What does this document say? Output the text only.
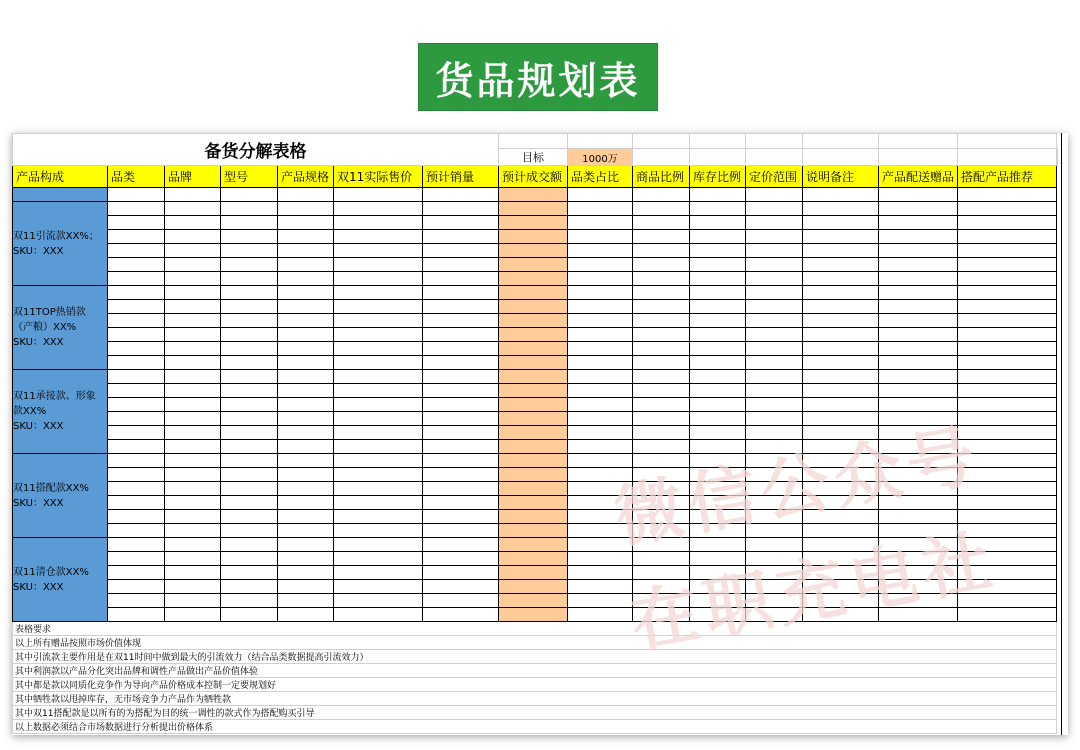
货品规划表
备货分解表格															
							目标	1000万							
产品构成	品类	品牌	型号	产品规格	双11实际售价	预计销量	预计成交额	品类占比	商品比例	库存比例	定价范围	说明备注	产品配送赠品	搭配产品推荐	

双11引流款XX%；
SKU：XXX															

双11TOP热销款（产粮）XX%
SKU：XXX															

双11承接款、形象款XX%
SKU：XXX															

双11搭配款XX%
SKU：XXX															

双11清仓款XX%
SKU：XXX															

表格要求															
以上所有赠品按照市场价值体现															
其中引流款主要作用是在双11时间中做到最大的引流效力（结合品类数据提高引流效力）															
其中利润款以产品分化突出品牌和调性产品做出产品价值体验															
其中都是款以同质化竞争作为导向产品价格成本控制一定要规划好															
其中牺牲款以甩掉库存，无市场竞争力产品作为牺牲款															
其中双11搭配款是以所有的为搭配为目的统一调性的款式作为搭配购买引导															
以上数据必须结合市场数据进行分析提出价格体系															
微信公众号
在职充电社
